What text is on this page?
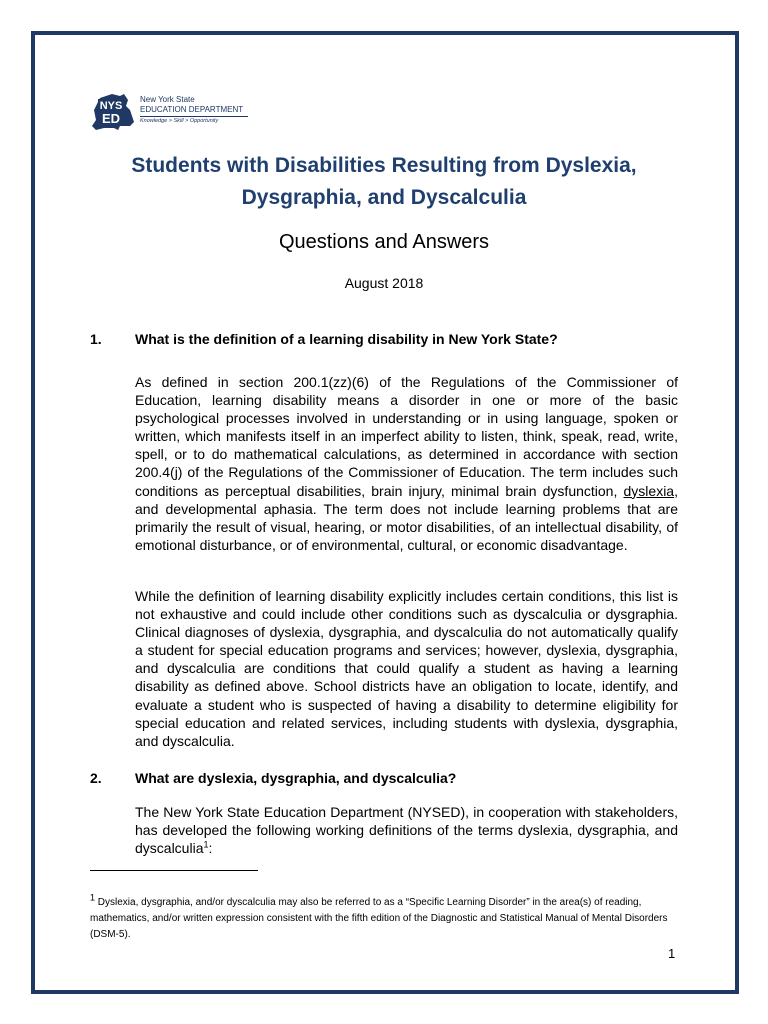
NYS
ED
New York State
EDUCATION DEPARTMENT
Knowledge > Skill > Opportunity
Students with Disabilities Resulting from Dyslexia,
Dysgraphia, and Dyscalculia
Questions and Answers
August 2018
1. What is the definition of a learning disability in New York State?

As defined in section 200.1(zz)(6) of the Regulations of the Commissioner of Education, learning disability means a disorder in one or more of the basic psychological processes involved in understanding or in using language, spoken or written, which manifests itself in an imperfect ability to listen, think, speak, read, write, spell, or to do mathematical calculations, as determined in accordance with section 200.4(j) of the Regulations of the Commissioner of Education. The term includes such conditions as perceptual disabilities, brain injury, minimal brain dysfunction, dyslexia, and developmental aphasia. The term does not include learning problems that are primarily the result of visual, hearing, or motor disabilities, of an intellectual disability, of emotional disturbance, or of environmental, cultural, or economic disadvantage.

While the definition of learning disability explicitly includes certain conditions, this list is not exhaustive and could include other conditions such as dyscalculia or dysgraphia. Clinical diagnoses of dyslexia, dysgraphia, and dyscalculia do not automatically qualify a student for special education programs and services; however, dyslexia, dysgraphia, and dyscalculia are conditions that could qualify a student as having a learning disability as defined above. School districts have an obligation to locate, identify, and evaluate a student who is suspected of having a disability to determine eligibility for special education and related services, including students with dyslexia, dysgraphia, and dyscalculia.

2. What are dyslexia, dysgraphia, and dyscalculia?

The New York State Education Department (NYSED), in cooperation with stakeholders, has developed the following working definitions of the terms dyslexia, dysgraphia, and dyscalculia$^1$:

$^1$ Dyslexia, dysgraphia, and/or dyscalculia may also be referred to as a “Specific Learning Disorder” in the area(s) of reading, mathematics, and/or written expression consistent with the fifth edition of the Diagnostic and Statistical Manual of Mental Disorders (DSM-5).

1
